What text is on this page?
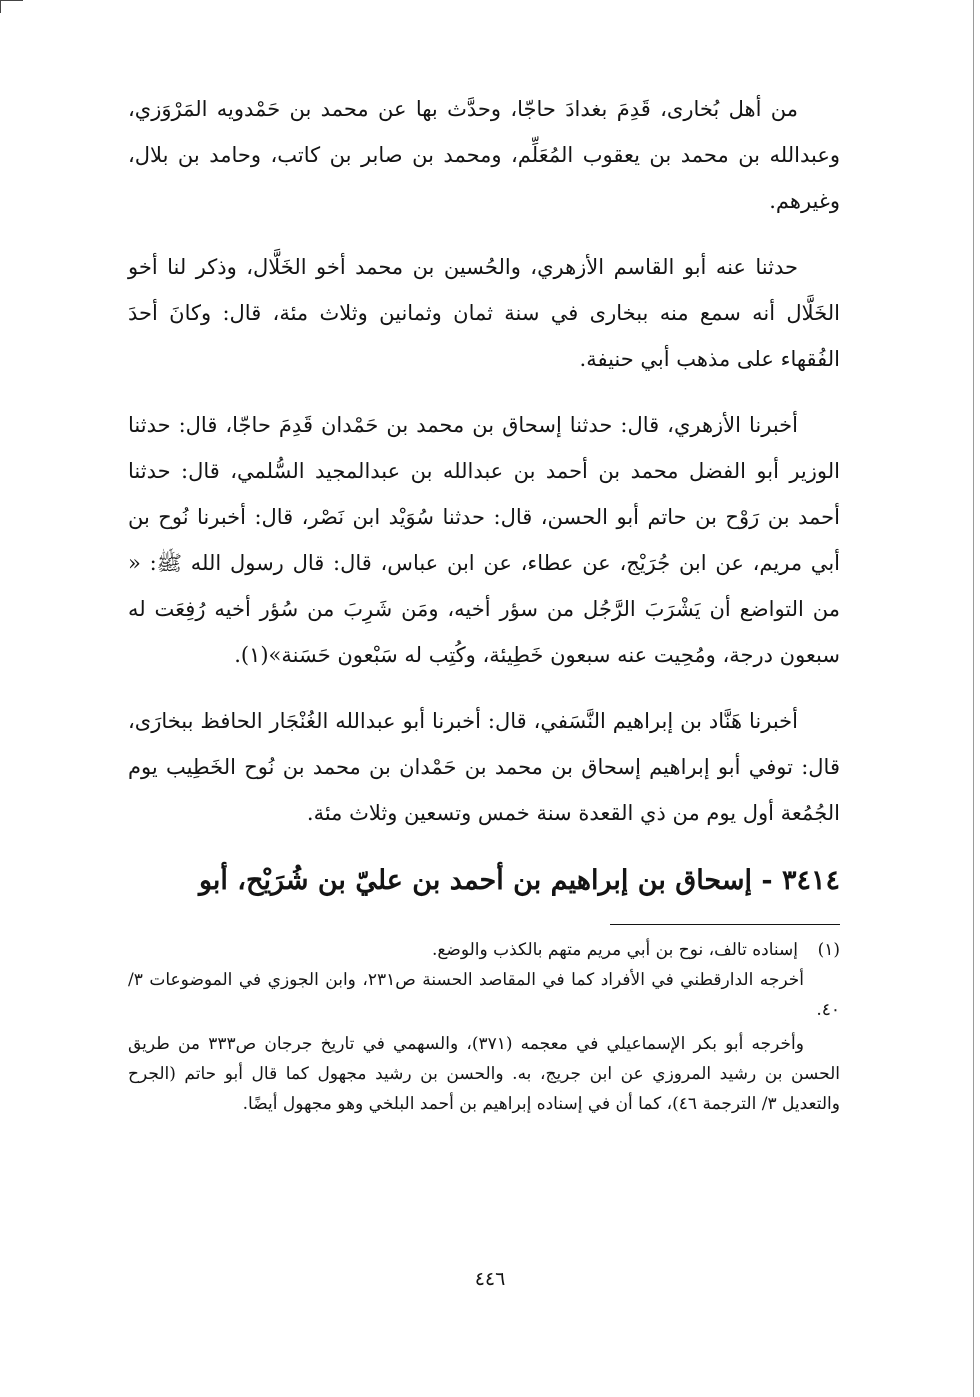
من أهل بُخارى، قَدِمَ بغدادَ حاجّا، وحدَّث بها عن محمد بن حَمْدويه المَرْوَزي، وعبدالله بن محمد بن يعقوب المُعَلِّم، ومحمد بن صابر بن كاتب، وحامد بن بلال، وغيرهم.

حدثنا عنه أبو القاسم الأزهري، والحُسين بن محمد أخو الخَلَّال، وذكر لنا أخو الخَلَّال أنه سمع منه ببخارى في سنة ثمان وثمانين وثلاث مئة، قال: وكانَ أحدَ الفُقهاء على مذهب أبي حنيفة.

أخبرنا الأزهري، قال: حدثنا إسحاق بن محمد بن حَمْدان قَدِمَ حاجّا، قال: حدثنا الوزير أبو الفضل محمد بن أحمد بن عبدالله بن عبدالمجيد السُّلمي، قال: حدثنا أحمد بن رَوْح بن حاتم أبو الحسن، قال: حدثنا سُوَيْد ابن نَصْر، قال: أخبرنا نُوح بن أبي مريم، عن ابن جُرَيْج، عن عطاء، عن ابن عباس، قال: قال رسول الله ﷺ: « من التواضع أن يَشْرَبَ الرَّجُل من سؤر أخيه، ومَن شَرِبَ من سُؤر أخيه رُفِعَت له سبعون درجة، ومُحِيت عنه سبعون خَطِيئة، وكُتِب له سَبْعون حَسَنة»(١).

أخبرنا هَنَّاد بن إبراهيم النَّسَفي، قال: أخبرنا أبو عبدالله الغُنْجَار الحافظ ببخارَى، قال: توفي أبو إبراهيم إسحاق بن محمد بن حَمْدان بن محمد بن نُوح الخَطِيب يوم الجُمُعة أول يوم من ذي القعدة سنة خمس وتسعين وثلاث مئة.

٣٤١٤ - إسحاق بن إبراهيم بن أحمد بن عليّ بن شُرَيْح، أبو

(١)إسناده تالف، نوح بن أبي مريم متهم بالكذب والوضع.

أخرجه الدارقطني في الأفراد كما في المقاصد الحسنة ص٢٣١، وابن الجوزي في الموضوعات ٣/ ٤٠.

وأخرجه أبو بكر الإسماعيلي في معجمه (٣٧١)، والسهمي في تاريخ جرجان ص٣٣٣ من طريق الحسن بن رشيد المروزي عن ابن جريج، به. والحسن بن رشيد مجهول كما قال أبو حاتم (الجرح والتعديل ٣/ الترجمة ٤٦)، كما أن في إسناده إبراهيم بن أحمد البلخي وهو مجهول أيضًا.

٤٤٦
